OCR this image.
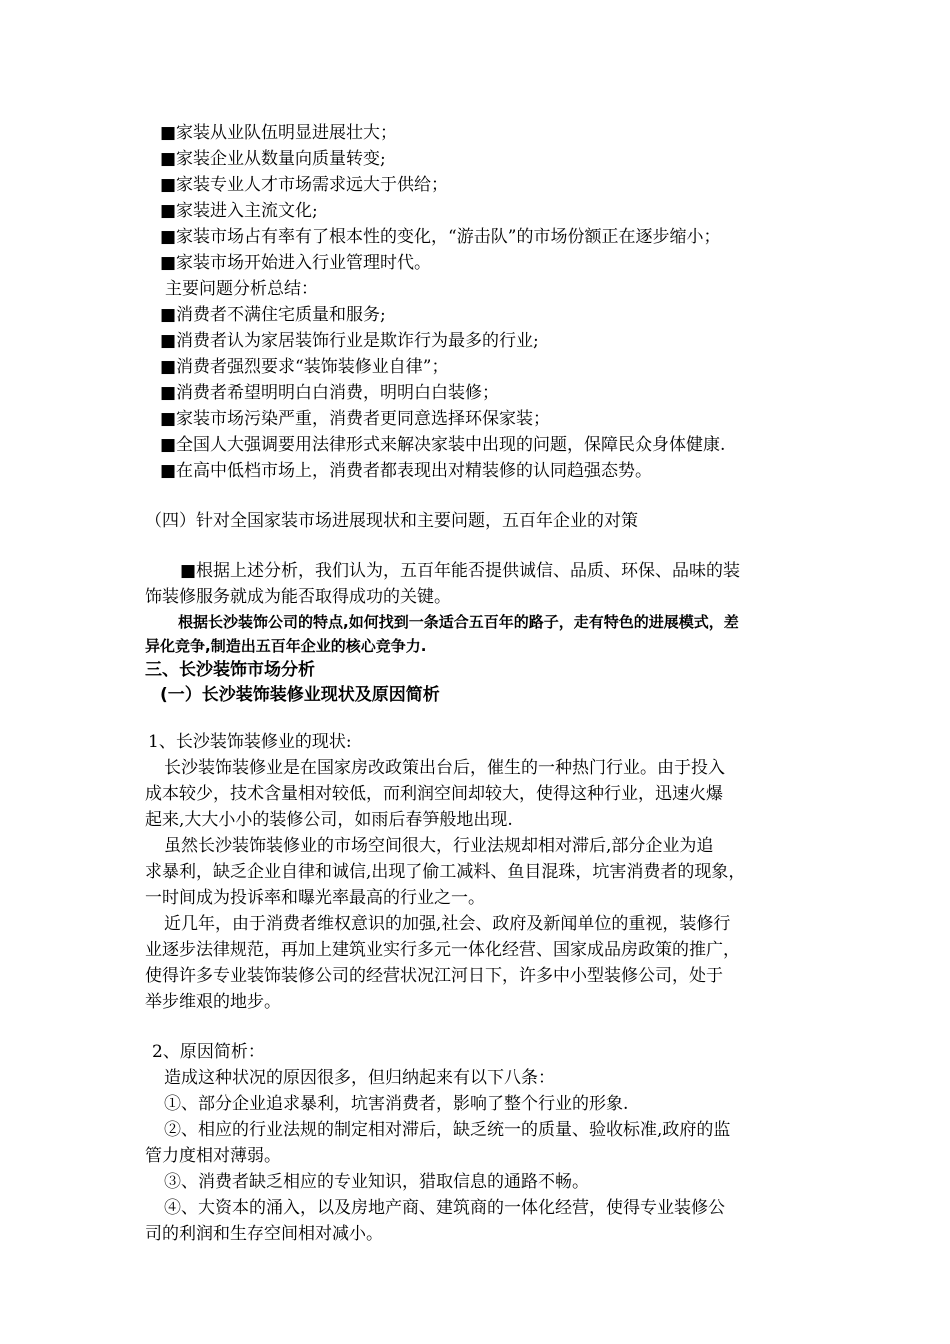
■家装从业队伍明显进展壮大；
■家装企业从数量向质量转变;
■家装专业人才市场需求远大于供给；
■家装进入主流文化;
■家装市场占有率有了根本性的变化，“游击队”的市场份额正在逐步缩小；
■家装市场开始进入行业管理时代。
主要问题分析总结：
■消费者不满住宅质量和服务;
■消费者认为家居装饰行业是欺诈行为最多的行业;
■消费者强烈要求“装饰装修业自律”；
■消费者希望明明白白消费，明明白白装修；
■家装市场污染严重，消费者更同意选择环保家装；
■全国人大强调要用法律形式来解决家装中出现的问题，保障民众身体健康.
■在高中低档市场上，消费者都表现出对精装修的认同趋强态势。
（四）针对全国家装市场进展现状和主要问题，五百年企业的对策
■根据上述分析，我们认为，五百年能否提供诚信、品质、环保、品味的装
饰装修服务就成为能否取得成功的关键。
根据长沙装饰公司的特点,如何找到一条适合五百年的路子，走有特色的进展模式，差
异化竞争,制造出五百年企业的核心竞争力.
三、长沙装饰市场分析
(一）长沙装饰装修业现状及原因简析
1、长沙装饰装修业的现状:
长沙装饰装修业是在国家房改政策出台后，催生的一种热门行业。由于投入
成本较少，技术含量相对较低，而利润空间却较大，使得这种行业，迅速火爆
起来,大大小小的装修公司，如雨后春笋般地出现.
虽然长沙装饰装修业的市场空间很大，行业法规却相对滞后,部分企业为追
求暴利，缺乏企业自律和诚信,出现了偷工减料、鱼目混珠，坑害消费者的现象，
一时间成为投诉率和曝光率最高的行业之一。
近几年，由于消费者维权意识的加强,社会、政府及新闻单位的重视，装修行
业逐步法律规范，再加上建筑业实行多元一体化经营、国家成品房政策的推广，
使得许多专业装饰装修公司的经营状况江河日下，许多中小型装修公司，处于
举步维艰的地步。
2、原因简析：
造成这种状况的原因很多，但归纳起来有以下八条：
①、部分企业追求暴利，坑害消费者，影响了整个行业的形象.
②、相应的行业法规的制定相对滞后，缺乏统一的质量、验收标准,政府的监
管力度相对薄弱。
③、消费者缺乏相应的专业知识，猎取信息的通路不畅。
④、大资本的涌入，以及房地产商、建筑商的一体化经营，使得专业装修公
司的利润和生存空间相对减小。
